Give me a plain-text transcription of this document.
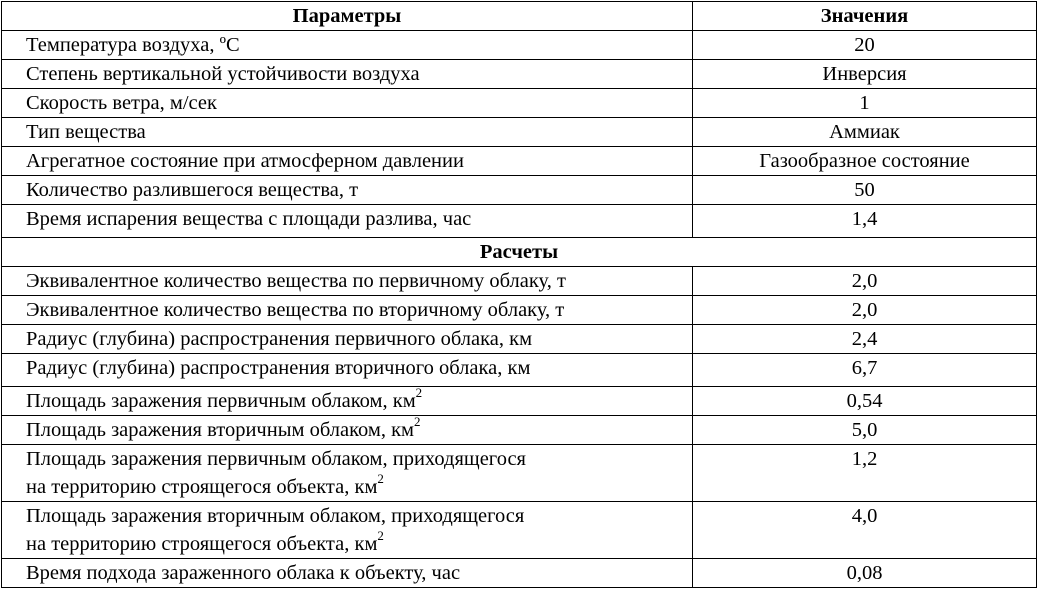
Параметры	Значения
Температура воздуха, ºС	20
Степень вертикальной устойчивости воздуха	Инверсия
Скорость ветра, м/сек	1
Тип вещества	Аммиак
Агрегатное состояние при атмосферном давлении	Газообразное состояние
Количество разлившегося вещества, т	50
Время испарения вещества с площади разлива, час	1,4
Расчеты	
Эквивалентное количество вещества по первичному облаку, т	2,0
Эквивалентное количество вещества по вторичному облаку, т	2,0
Радиус (глубина) распространения первичного облака, км	2,4
Радиус (глубина) распространения вторичного облака, км	6,7
Площадь заражения первичным облаком, $км^2$	0,54
Площадь заражения вторичным облаком, $км^2$	5,0

Площадь заражения первичным облаком, приходящегося
на территорию строящегося объекта, $км^2$	1,2

Площадь заражения вторичным облаком, приходящегося
на территорию строящегося объекта, $км^2$	4,0
Время подхода зараженного облака к объекту, час	0,08
